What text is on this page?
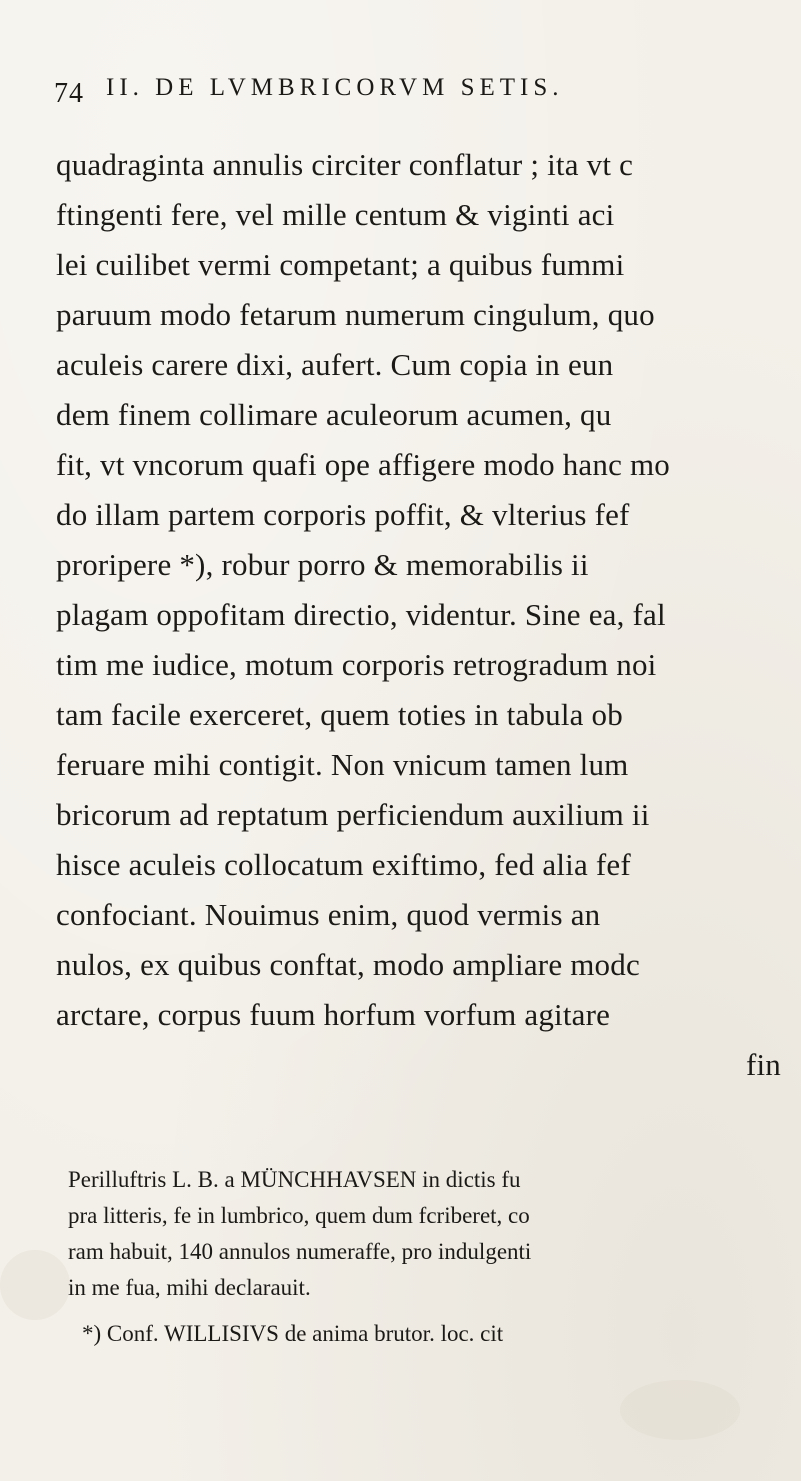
74 II. DE LVMBRICORVM SETIS.
quadraginta annulis circiter conflatur ; ita vt c
ftingenti fere, vel mille centum & viginti aci
lei cuilibet vermi competant; a quibus fummi
paruum modo fetarum numerum cingulum, quo
aculeis carere dixi, aufert. Cum copia in eun
dem finem collimare aculeorum acumen, qu
fit, vt vncorum quafi ope affigere modo hanc mo
do illam partem corporis poffit, & vlterius fef
proripere *), robur porro & memorabilis ii
plagam oppofitam directio, videntur. Sine ea, fal
tim me iudice, motum corporis retrogradum noi
tam facile exerceret, quem toties in tabula ob
feruare mihi contigit. Non vnicum tamen lum
bricorum ad reptatum perficiendum auxilium ii
hisce aculeis collocatum exiftimo, fed alia fef
confociant. Nouimus enim, quod vermis an
nulos, ex quibus conftat, modo ampliare modc
arctare, corpus fuum horfum vorfum agitare
fin
Perilluftris L. B. a MÜNCHHAVSEN in dictis fu
pra litteris, fe in lumbrico, quem dum fcriberet, co
ram habuit, 140 annulos numeraffe, pro indulgenti
in me fua, mihi declarauit.
*) Conf. WILLISIVS de anima brutor. loc. cit
